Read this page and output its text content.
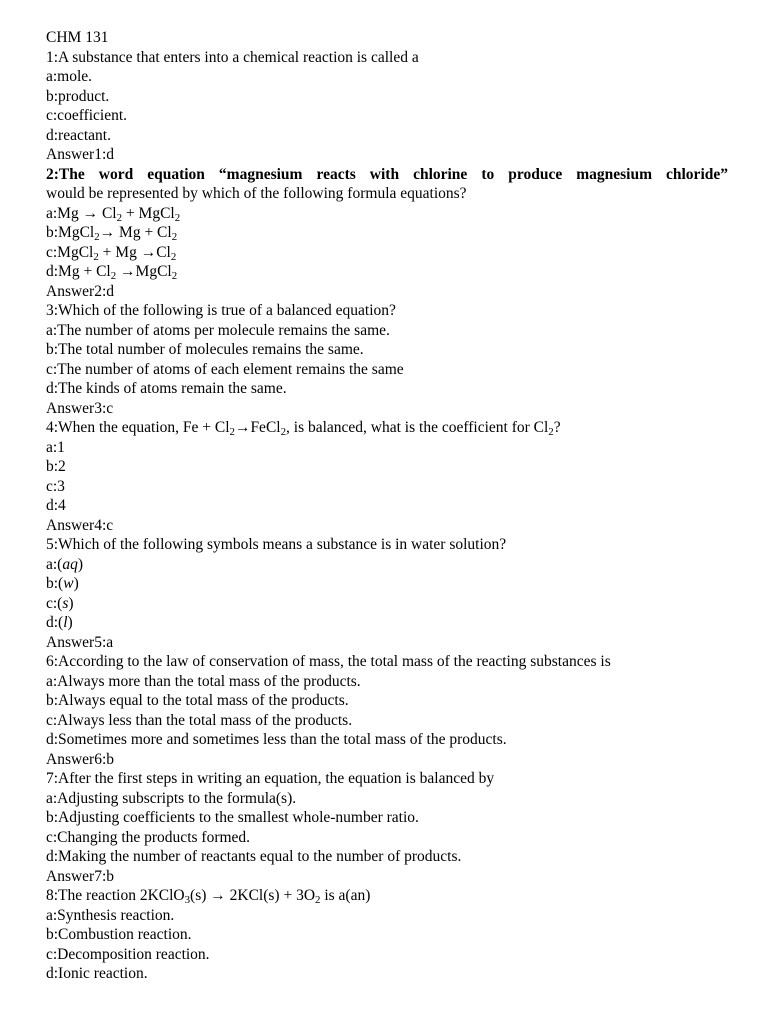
CHM 131
1:A substance that enters into a chemical reaction is called a
a:mole.
b:product.
c:coefficient.
d:reactant.
Answer1:d
2:The word equation “magnesium reacts with chlorine to produce magnesium chloride”
would be represented by which of the following formula equations?
a:Mg → $Cl_2$ + MgCl$_2$
b:MgCl$_2$→ $Mg + Cl_2$
c:MgCl$_2$ + $Mg \to Cl_2$
d:Mg + $Cl_2$ →MgCl$_2$
Answer2:d
3:Which of the following is true of a balanced equation?
a:The number of atoms per molecule remains the same.
b:The total number of molecules remains the same.
c:The number of atoms of each element remains the same
d:The kinds of atoms remain the same.
Answer3:c
4:When the equation, $Fe + Cl_2\to FeCl_2$, is balanced, what is the coefficient for $Cl_2$?
a:1
b:2
c:3
d:4
Answer4:c
5:Which of the following symbols means a substance is in water solution?
a:(aq)
b:(w)
c:(s)
d:(l)
Answer5:a
6:According to the law of conservation of mass, the total mass of the reacting substances is
a:Always more than the total mass of the products.
b:Always equal to the total mass of the products.
c:Always less than the total mass of the products.
d:Sometimes more and sometimes less than the total mass of the products.
Answer6:b
7:After the first steps in writing an equation, the equation is balanced by
a:Adjusting subscripts to the formula(s).
b:Adjusting coefficients to the smallest whole-number ratio.
c:Changing the products formed.
d:Making the number of reactants equal to the number of products.
Answer7:b
8:The reaction 2KClO$_3$(s) → $2KCl(s) + 3O_2$ is a(an)
a:Synthesis reaction.
b:Combustion reaction.
c:Decomposition reaction.
d:Ionic reaction.
